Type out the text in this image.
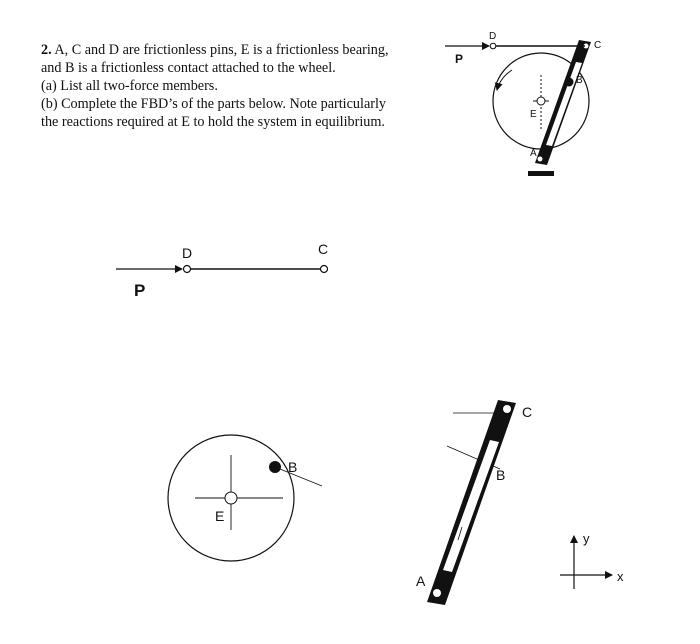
2. A, C and D are frictionless pins, E is a frictionless bearing,
and B is a frictionless contact attached to the wheel.
(a) List all two-force members.
(b) Complete the FBD’s of the parts below. Note particularly
the reactions required at E to hold the system in equilibrium.	E
B
D
C
A
P
D	C
P
E
B
C
B
A
y
x
